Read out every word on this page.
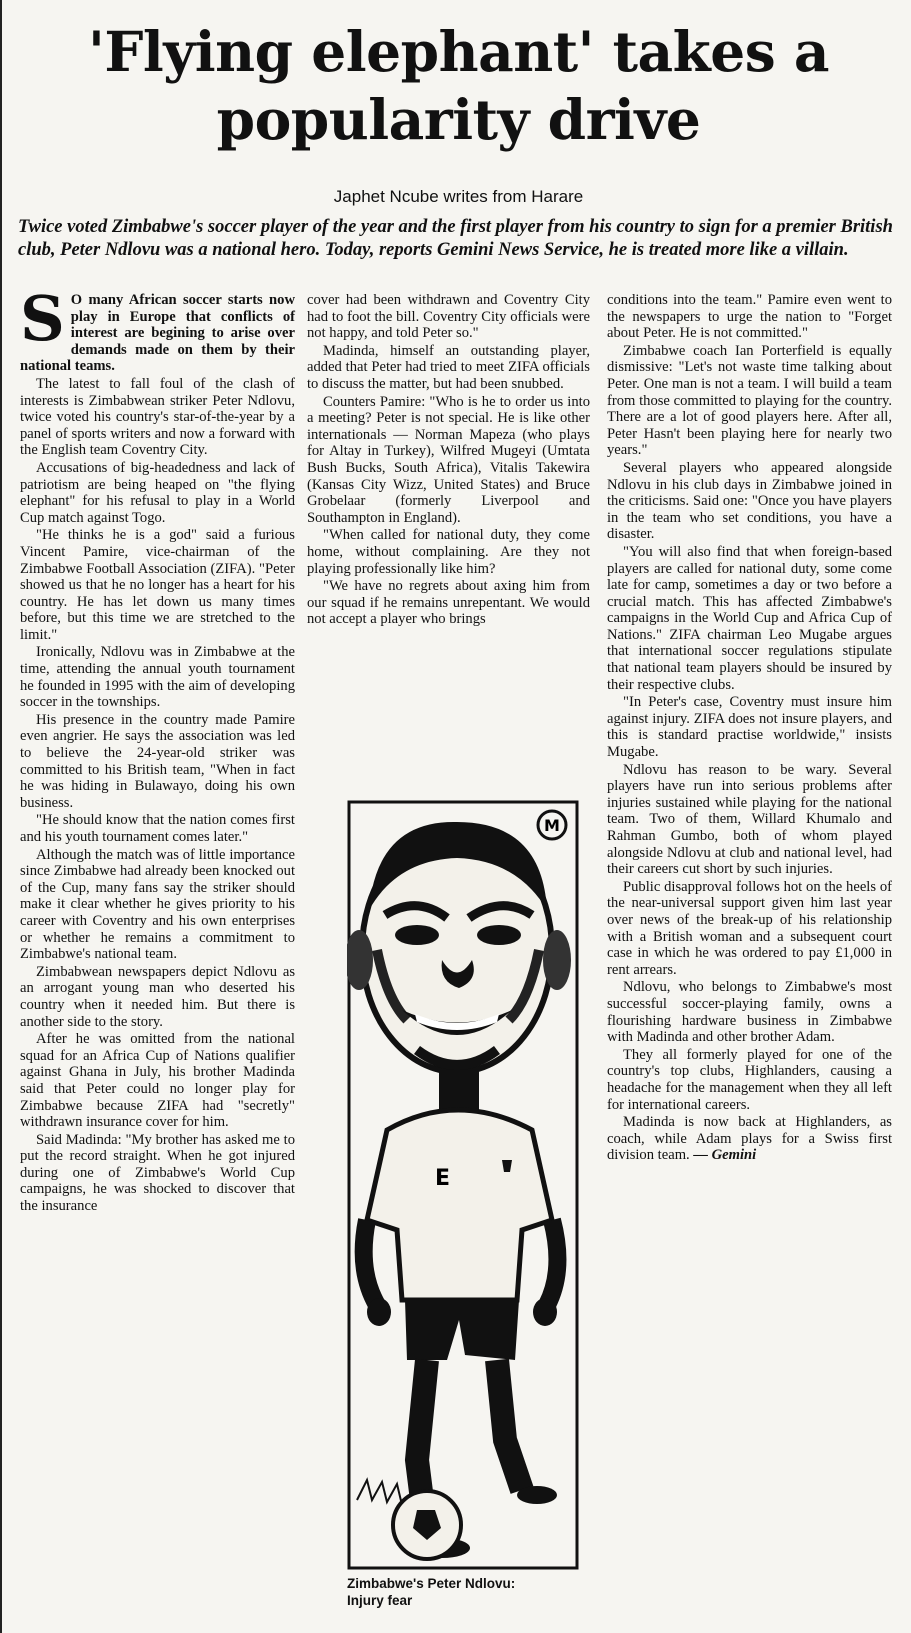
'Flying elephant' takes a popularity drive
Japhet Ncube writes from Harare

Twice voted Zimbabwe's soccer player of the year and the first player from his country to sign for a premier British club, Peter Ndlovu was a national hero. Today, reports Gemini News Service, he is treated more like a villain.

S O many African soccer starts now play in Europe that conflicts of interest are begining to arise over demands made on them by their national teams.

The latest to fall foul of the clash of interests is Zimbabwean striker Peter Ndlovu, twice voted his country's star-of-the-year by a panel of sports writers and now a forward with the English team Coventry City.

Accusations of big-headedness and lack of patriotism are being heaped on "the flying elephant" for his refusal to play in a World Cup match against Togo.

"He thinks he is a god" said a furious Vincent Pamire, vice-chairman of the Zimbabwe Football Association (ZIFA). "Peter showed us that he no longer has a heart for his country. He has let down us many times before, but this time we are stretched to the limit."

Ironically, Ndlovu was in Zimbabwe at the time, attending the annual youth tournament he founded in 1995 with the aim of developing soccer in the townships.

His presence in the country made Pamire even angrier. He says the association was led to believe the 24-year-old striker was committed to his British team, "When in fact he was hiding in Bulawayo, doing his own business.

"He should know that the nation comes first and his youth tournament comes later."

Although the match was of little importance since Zimbabwe had already been knocked out of the Cup, many fans say the striker should make it clear whether he gives priority to his career with Coventry and his own enterprises or whether he remains a commitment to Zimbabwe's national team.

Zimbabwean newspapers depict Ndlovu as an arrogant young man who deserted his country when it needed him. But there is another side to the story.

After he was omitted from the national squad for an Africa Cup of Nations qualifier against Ghana in July, his brother Madinda said that Peter could no longer play for Zimbabwe because ZIFA had "secretly" withdrawn insurance cover for him.

Said Madinda: "My brother has asked me to put the record straight. When he got injured during one of Zimbabwe's World Cup campaigns, he was shocked to discover that the insurance

cover had been withdrawn and Coventry City had to foot the bill. Coventry City officials were not happy, and told Peter so."

Madinda, himself an outstanding player, added that Peter had tried to meet ZIFA officials to discuss the matter, but had been snubbed.

Counters Pamire: "Who is he to order us into a meeting? Peter is not special. He is like other internationals — Norman Mapeza (who plays for Altay in Turkey), Wilfred Mugeyi (Umtata Bush Bucks, South Africa), Vitalis Takewira (Kansas City Wizz, United States) and Bruce Grobelaar (formerly Liverpool and Southampton in England).

"When called for national duty, they come home, without complaining. Are they not playing professionally like him?

"We have no regrets about axing him from our squad if he remains unrepentant. We would not accept a player who brings

M
E
Zimbabwe's Peter Ndlovu:
Injury fear

conditions into the team." Pamire even went to the newspapers to urge the nation to "Forget about Peter. He is not committed."

Zimbabwe coach Ian Porterfield is equally dismissive: "Let's not waste time talking about Peter. One man is not a team. I will build a team from those committed to playing for the country. There are a lot of good players here. After all, Peter Hasn't been playing here for nearly two years."

Several players who appeared alongside Ndlovu in his club days in Zimbabwe joined in the criticisms. Said one: "Once you have players in the team who set conditions, you have a disaster.

"You will also find that when foreign-based players are called for national duty, some come late for camp, sometimes a day or two before a crucial match. This has affected Zimbabwe's campaigns in the World Cup and Africa Cup of Nations." ZIFA chairman Leo Mugabe argues that international soccer regulations stipulate that national team players should be insured by their respective clubs.

"In Peter's case, Coventry must insure him against injury. ZIFA does not insure players, and this is standard practise worldwide," insists Mugabe.

Ndlovu has reason to be wary. Several players have run into serious problems after injuries sustained while playing for the national team. Two of them, Willard Khumalo and Rahman Gumbo, both of whom played alongside Ndlovu at club and national level, had their careers cut short by such injuries.

Public disapproval follows hot on the heels of the near-universal support given him last year over news of the break-up of his relationship with a British woman and a subsequent court case in which he was ordered to pay £1,000 in rent arrears.

Ndlovu, who belongs to Zimbabwe's most successful soccer-playing family, owns a flourishing hardware business in Zimbabwe with Madinda and other brother Adam.

They all formerly played for one of the country's top clubs, Highlanders, causing a headache for the management when they all left for international careers.

Madinda is now back at Highlanders, as coach, while Adam plays for a Swiss first division team. — Gemini
